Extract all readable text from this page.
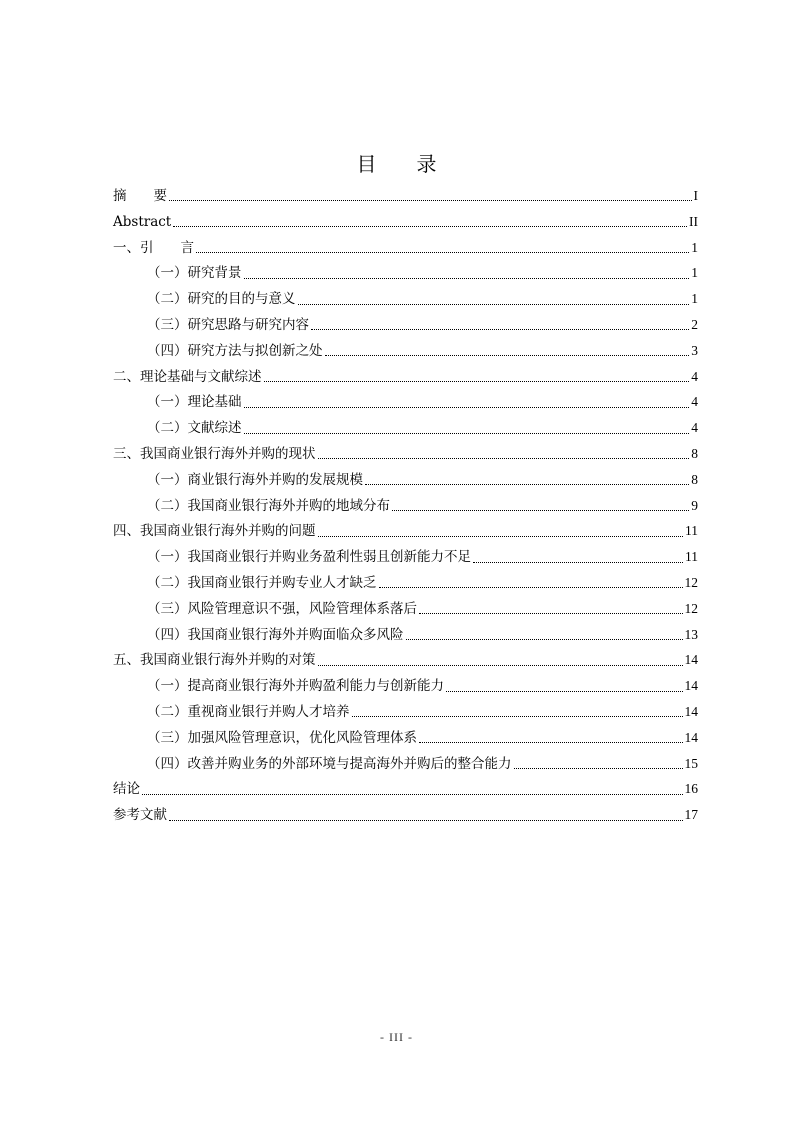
目　　录
摘　　要	I
Abstract	II
一、引　　言	1
（一）研究背景	1
（二）研究的目的与意义	1
（三）研究思路与研究内容	2
（四）研究方法与拟创新之处	3
二、理论基础与文献综述	4
（一）理论基础	4
（二）文献综述	4
三、我国商业银行海外并购的现状	8
（一）商业银行海外并购的发展规模	8
（二）我国商业银行海外并购的地域分布	9
四、我国商业银行海外并购的问题	11
（一）我国商业银行并购业务盈利性弱且创新能力不足	11
（二）我国商业银行并购专业人才缺乏	12
（三）风险管理意识不强，风险管理体系落后	12
（四）我国商业银行海外并购面临众多风险	13
五、我国商业银行海外并购的对策	14
（一）提高商业银行海外并购盈利能力与创新能力	14
（二）重视商业银行并购人才培养	14
（三）加强风险管理意识，优化风险管理体系	14
（四）改善并购业务的外部环境与提高海外并购后的整合能力	15
结论	16
参考文献	17
- III -
